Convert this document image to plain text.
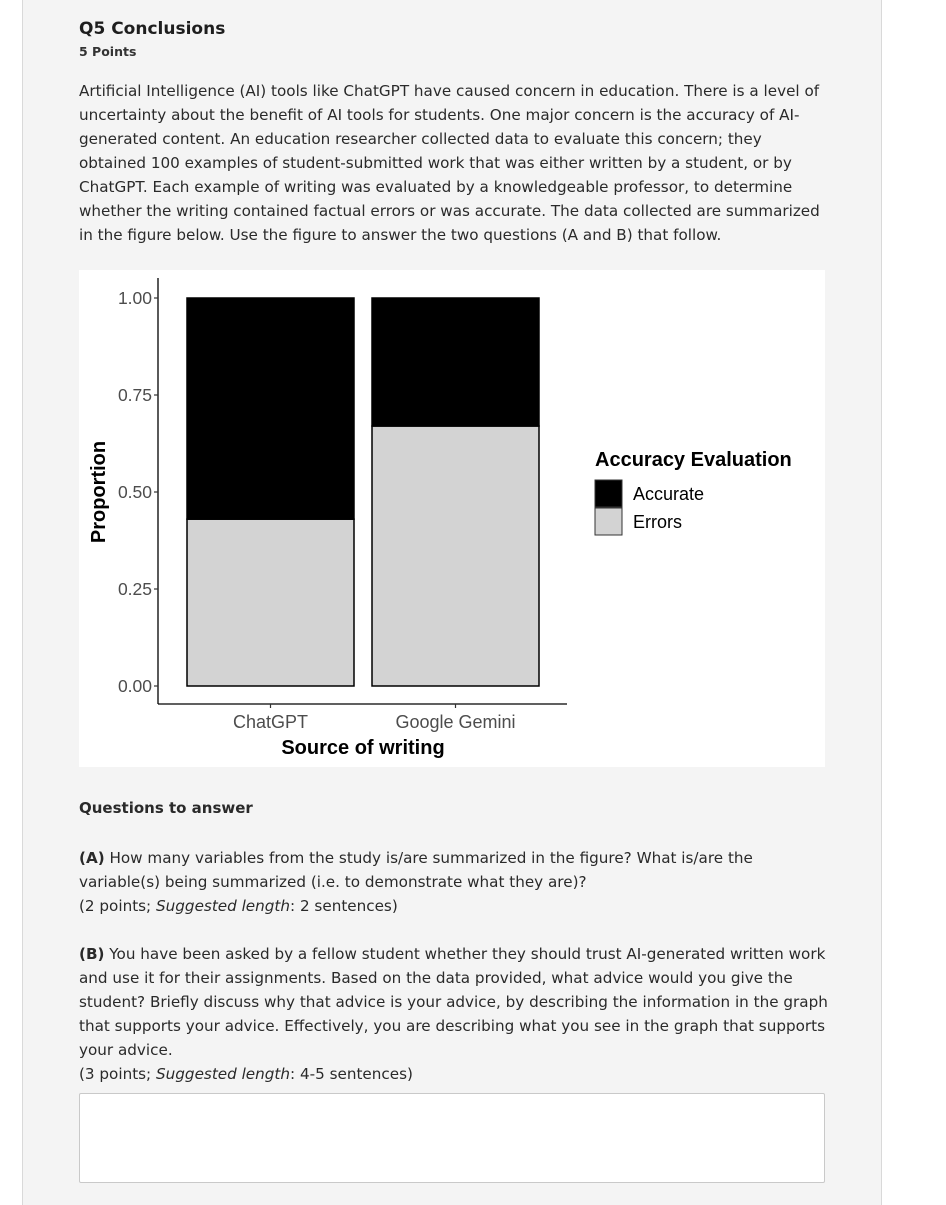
Q5 Conclusions
5 Points
Artificial Intelligence (AI) tools like ChatGPT have caused concern in education. There is a level of uncertainty about the benefit of AI tools for students. One major concern is the accuracy of AI-generated content. An education researcher collected data to evaluate this concern; they obtained 100 examples of student-submitted work that was either written by a student, or by ChatGPT. Each example of writing was evaluated by a knowledgeable professor, to determine whether the writing contained factual errors or was accurate. The data collected are summarized in the figure below. Use the figure to answer the two questions (A and B) that follow.
0.00
0.25
0.50
0.75
1.00
ChatGPT	Google Gemini
Source of writing
Proportion	Accuracy Evaluation
Accurate
Errors
Questions to answer
(A) How many variables from the study is/are summarized in the figure? What is/are the variable(s) being summarized (i.e. to demonstrate what they are)?
(2 points; Suggested length: 2 sentences)
(B) You have been asked by a fellow student whether they should trust AI-generated written work and use it for their assignments. Based on the data provided, what advice would you give the student? Briefly discuss why that advice is your advice, by describing the information in the graph that supports your advice. Effectively, you are describing what you see in the graph that supports your advice.
(3 points; Suggested length: 4-5 sentences)
